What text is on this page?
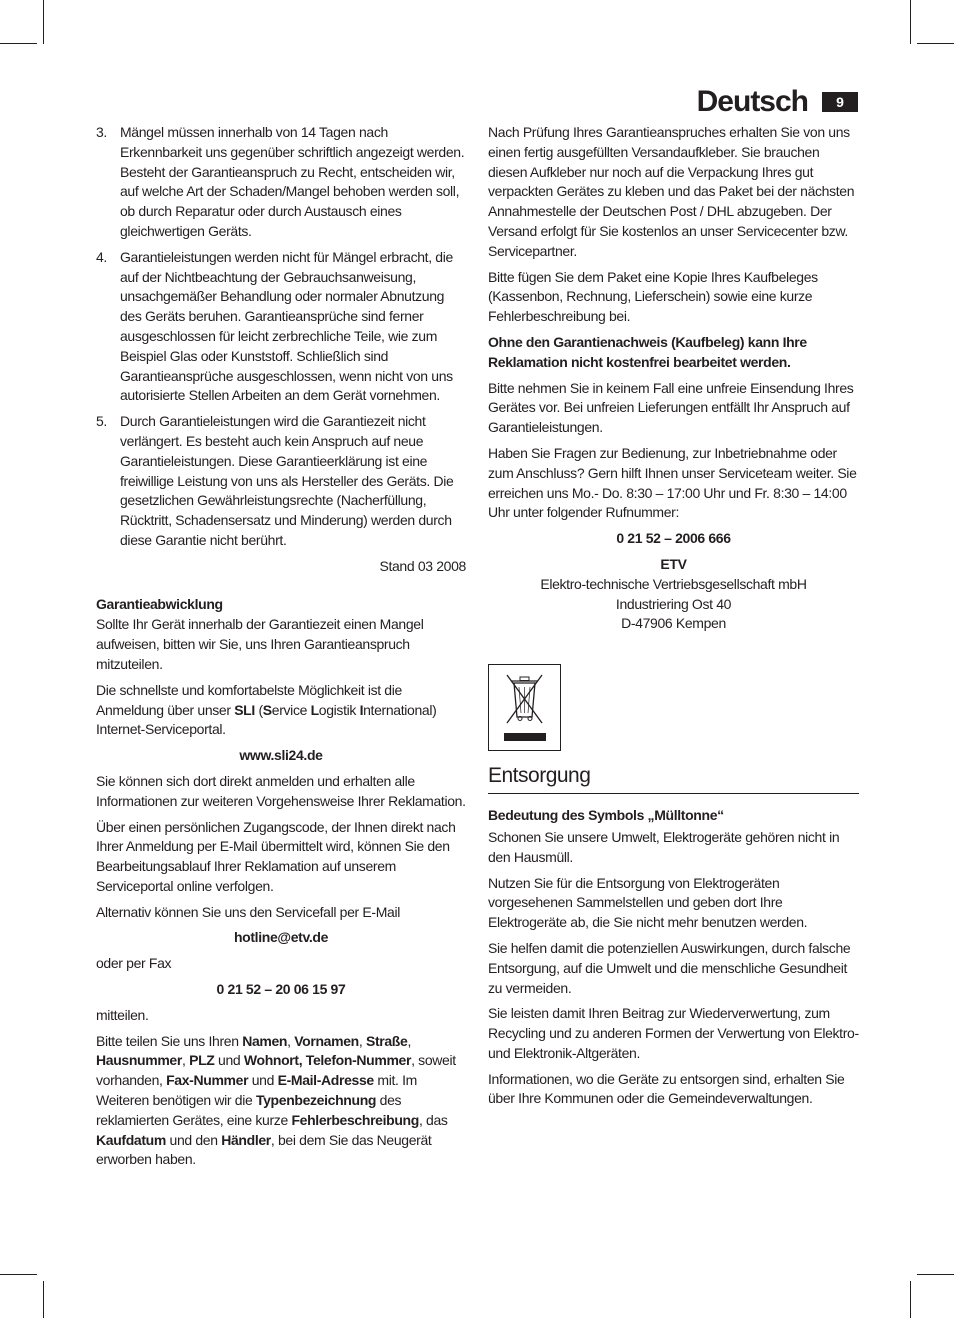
Deutsch	9
3. Mängel müssen innerhalb von 14 Tagen nach Erkennbarkeit uns gegenüber schriftlich angezeigt werden. Besteht der Garantieanspruch zu Recht, entscheiden wir, auf welche Art der Schaden/Mangel behoben werden soll, ob durch Reparatur oder durch Austausch eines gleichwertigen Geräts.
4. Garantieleistungen werden nicht für Mängel erbracht, die auf der Nichtbeachtung der Gebrauchsanweisung, unsachgemäßer Behandlung oder normaler Abnutzung des Geräts beruhen. Garantieansprüche sind ferner ausgeschlossen für leicht zerbrechliche Teile, wie zum Beispiel Glas oder Kunststoff. Schließlich sind Garantieansprüche ausgeschlossen, wenn nicht von uns autorisierte Stellen Arbeiten an dem Gerät vornehmen.
5. Durch Garantieleistungen wird die Garantiezeit nicht verlängert. Es besteht auch kein Anspruch auf neue Garantieleistungen. Diese Garantieerklärung ist eine freiwillige Leistung von uns als Hersteller des Geräts. Die gesetzlichen Gewährleistungsrechte (Nacherfüllung, Rücktritt, Schadensersatz und Minderung) werden durch diese Garantie nicht berührt.
Stand 03 2008
Garantieabwicklung

Sollte Ihr Gerät innerhalb der Garantiezeit einen Mangel aufweisen, bitten wir Sie, uns Ihren Garantieanspruch mitzuteilen.

Die schnellste und komfortabelste Möglichkeit ist die Anmeldung über unser SLI (Service Logistik International) Internet-Serviceportal.

www.sli24.de

Sie können sich dort direkt anmelden und erhalten alle Informationen zur weiteren Vorgehensweise Ihrer Reklamation.

Über einen persönlichen Zugangscode, der Ihnen direkt nach Ihrer Anmeldung per E-Mail übermittelt wird, können Sie den Bearbeitungsablauf Ihrer Reklamation auf unserem Serviceportal online verfolgen.

Alternativ können Sie uns den Servicefall per E-Mail

hotline@etv.de

oder per Fax

0 21 52 – 20 06 15 97

mitteilen.

Bitte teilen Sie uns Ihren Namen, Vornamen, Straße, Hausnummer, PLZ und Wohnort, Telefon-Nummer, soweit vorhanden, Fax-Nummer und E-Mail-Adresse mit. Im Weiteren benötigen wir die Typenbezeichnung des reklamierten Gerätes, eine kurze Fehlerbeschreibung, das Kaufdatum und den Händler, bei dem Sie das Neugerät erworben haben.

Nach Prüfung Ihres Garantieanspruches erhalten Sie von uns einen fertig ausgefüllten Versandaufkleber. Sie brauchen diesen Aufkleber nur noch auf die Verpackung Ihres gut verpackten Gerätes zu kleben und das Paket bei der nächsten Annahmestelle der Deutschen Post / DHL abzugeben. Der Versand erfolgt für Sie kostenlos an unser Servicecenter bzw. Servicepartner.

Bitte fügen Sie dem Paket eine Kopie Ihres Kaufbeleges (Kassenbon, Rechnung, Lieferschein) sowie eine kurze Fehlerbeschreibung bei.

Ohne den Garantienachweis (Kaufbeleg) kann Ihre Reklamation nicht kostenfrei bearbeitet werden.

Bitte nehmen Sie in keinem Fall eine unfreie Einsendung Ihres Gerätes vor. Bei unfreien Lieferungen entfällt Ihr Anspruch auf Garantieleistungen.

Haben Sie Fragen zur Bedienung, zur Inbetriebnahme oder zum Anschluss? Gern hilft Ihnen unser Serviceteam weiter. Sie erreichen uns Mo.- Do. 8:30 – 17:00 Uhr und Fr. 8:30 – 14:00 Uhr unter folgender Rufnummer:

0 21 52 – 2006 666
ETV
Elektro-technische Vertriebsgesellschaft mbH
Industriering Ost 40
D-47906 Kempen
Entsorgung
Bedeutung des Symbols „Mülltonne“

Schonen Sie unsere Umwelt, Elektrogeräte gehören nicht in den Hausmüll.

Nutzen Sie für die Entsorgung von Elektrogeräten vorgesehenen Sammelstellen und geben dort Ihre Elektrogeräte ab, die Sie nicht mehr benutzen werden.

Sie helfen damit die potenziellen Auswirkungen, durch falsche Entsorgung, auf die Umwelt und die menschliche Gesundheit zu vermeiden.

Sie leisten damit Ihren Beitrag zur Wiederverwertung, zum Recycling und zu anderen Formen der Verwertung von Elektro- und Elektronik-Altgeräten.

Informationen, wo die Geräte zu entsorgen sind, erhalten Sie über Ihre Kommunen oder die Gemeindeverwaltungen.
